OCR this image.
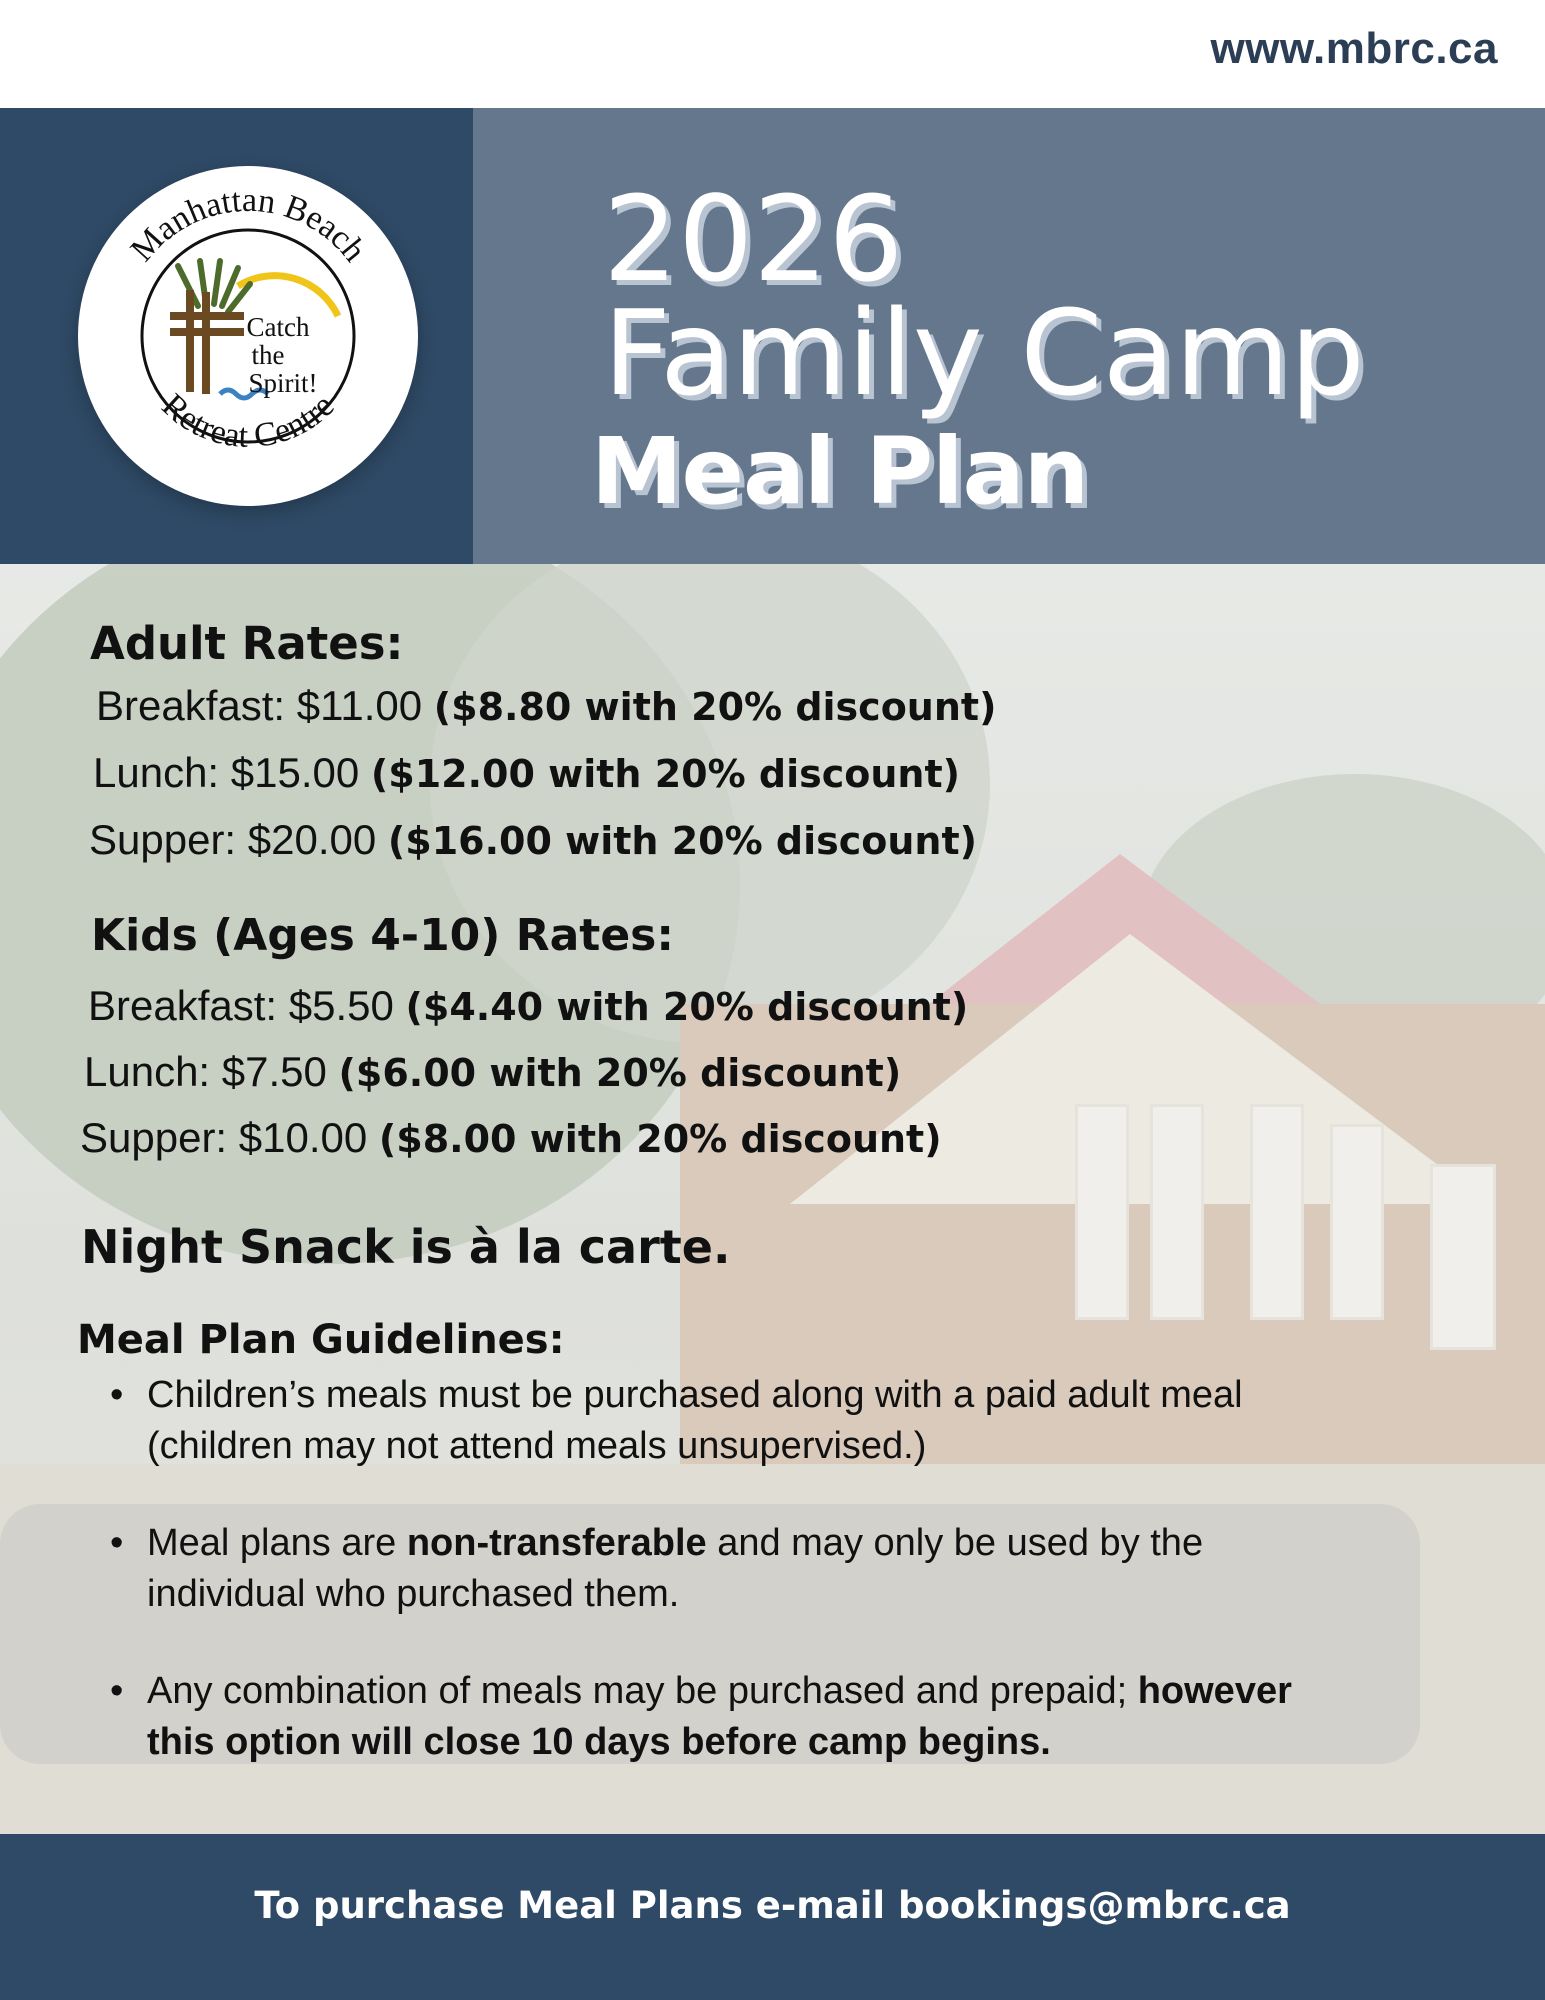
www.mbrc.ca
Manhattan Beach
Retreat Centre
Catch
the
Spirit!
2026
Family Camp
Meal Plan
Adult Rates:
Breakfast: $11.00 ($8.80 with 20% discount)
Lunch: $15.00 ($12.00 with 20% discount)
Supper: $20.00 ($16.00 with 20% discount)
Kids (Ages 4-10) Rates:
Breakfast: $5.50 ($4.40 with 20% discount)
Lunch: $7.50 ($6.00 with 20% discount)
Supper: $10.00 ($8.00 with 20% discount)
Night Snack is à la carte.
Meal Plan Guidelines:
• Children’s meals must be purchased along with a paid adult meal (children may not attend meals unsupervised.)
• Meal plans are non-transferable and may only be used by the individual who purchased them.
• Any combination of meals may be purchased and prepaid; however this option will close 10 days before camp begins.
To purchase Meal Plans e-mail bookings@mbrc.ca
